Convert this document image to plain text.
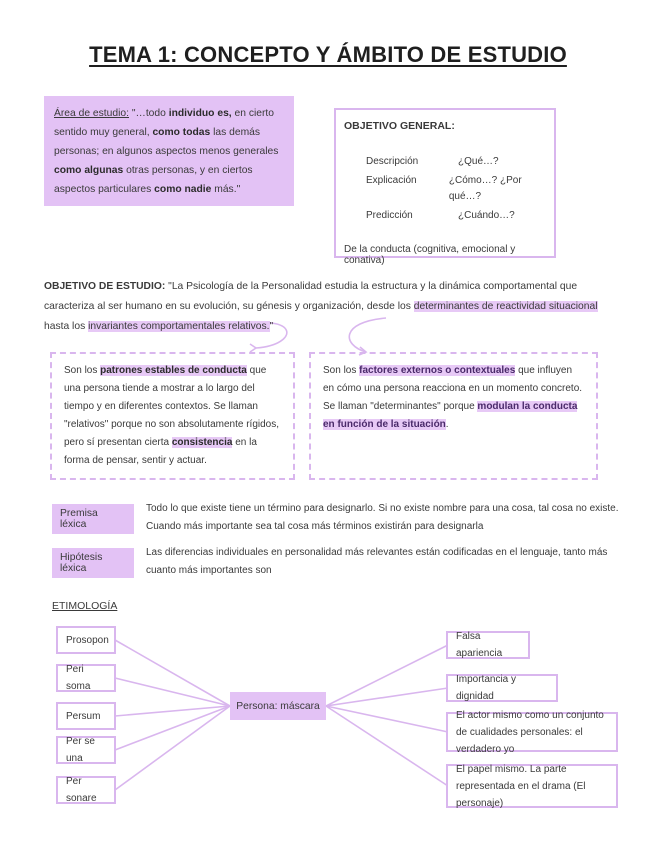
TEMA 1: CONCEPTO Y ÁMBITO DE ESTUDIO
Área de estudio: "…todo individuo es, en cierto sentido muy general, como todas las demás personas; en algunos aspectos menos generales como algunas otras personas, y en ciertos aspectos particulares como nadie más."
OBJETIVO GENERAL:
Descripción	¿Qué…?
Explicación	¿Cómo…? ¿Por qué…?
Predicción	¿Cuándo…?
De la conducta (cognitiva, emocional y conativa)
OBJETIVO DE ESTUDIO: "La Psicología de la Personalidad estudia la estructura y la dinámica comportamental que caracteriza al ser humano en su evolución, su génesis y organización, desde los determinantes de reactividad situacional hasta los invariantes comportamentales relativos."
Son los patrones estables de conducta que una persona tiende a mostrar a lo largo del tiempo y en diferentes contextos. Se llaman "relativos" porque no son absolutamente rígidos, pero sí presentan cierta consistencia en la forma de pensar, sentir y actuar.
Son los factores externos o contextuales que influyen en cómo una persona reacciona en un momento concreto. Se llaman "determinantes" porque modulan la conducta en función de la situación.
Premisa léxica
Todo lo que existe tiene un término para designarlo. Si no existe nombre para una cosa, tal cosa no existe. Cuando más importante sea tal cosa más términos existirán para designarla
Hipótesis léxica
Las diferencias individuales en personalidad más relevantes están codificadas en el lenguaje, tanto más cuanto más importantes son
ETIMOLOGÍA
Prosopon
Peri soma
Persum
Per se una
Per sonare
Persona: máscara
Falsa apariencia
Importancia y dignidad
El actor mismo como un conjunto de cualidades personales: el verdadero yo
El papel mismo. La parte representada en el drama (El personaje)
